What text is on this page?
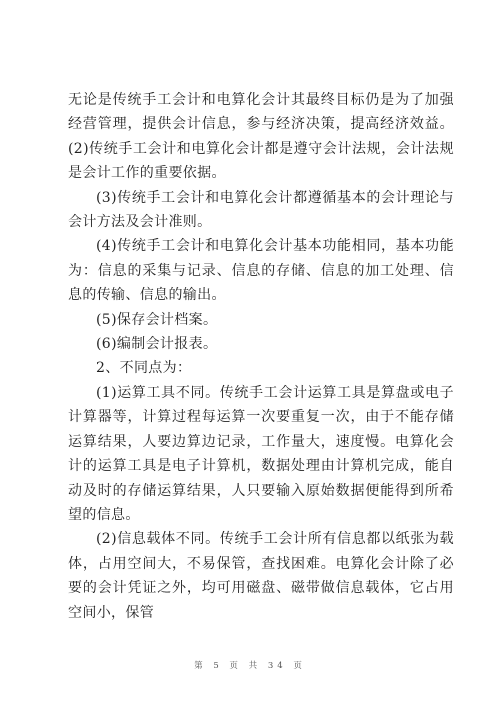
无论是传统手工会计和电算化会计其最终目标仍是为了加强经营管理，提供会计信息，参与经济决策，提高经济效益。(2)传统手工会计和电算化会计都是遵守会计法规，会计法规是会计工作的重要依据。

(3)传统手工会计和电算化会计都遵循基本的会计理论与会计方法及会计准则。

(4)传统手工会计和电算化会计基本功能相同，基本功能为：信息的采集与记录、信息的存储、信息的加工处理、信息的传输、信息的输出。

(5)保存会计档案。

(6)编制会计报表。

2、不同点为：

(1)运算工具不同。传统手工会计运算工具是算盘或电子计算器等，计算过程每运算一次要重复一次，由于不能存储运算结果，人要边算边记录，工作量大，速度慢。电算化会计的运算工具是电子计算机，数据处理由计算机完成，能自动及时的存储运算结果，人只要输入原始数据便能得到所希望的信息。

(2)信息载体不同。传统手工会计所有信息都以纸张为载体，占用空间大，不易保管，查找困难。电算化会计除了必要的会计凭证之外，均可用磁盘、磁带做信息载体，它占用空间小，保管

第 5 页 共 34 页
